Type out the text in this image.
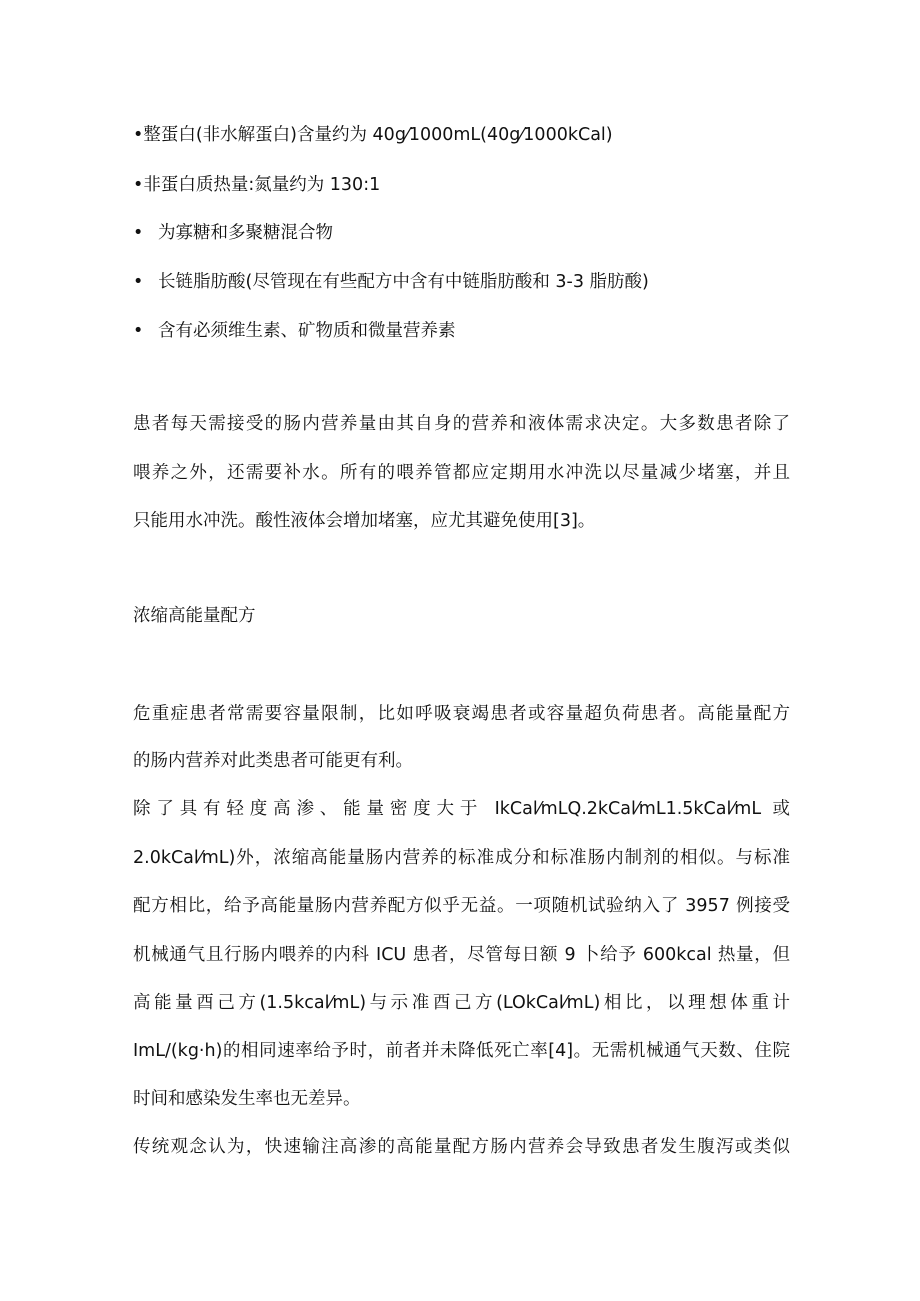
•整蛋白(非水解蛋白)含量约为 40g⁄1000mL(40g⁄1000kCal)
•非蛋白质热量:氮量约为 130:1
• 为寡糖和多聚糖混合物
• 长链脂肪酸(尽管现在有些配方中含有中链脂肪酸和 3-3 脂肪酸)
• 含有必须维生素、矿物质和微量营养素
患者每天需接受的肠内营养量由其自身的营养和液体需求决定。大多数患者除了
喂养之外，还需要补水。所有的喂养管都应定期用水冲洗以尽量减少堵塞，并且
只能用水冲洗。酸性液体会增加堵塞，应尤其避免使用[3]。
浓缩高能量配方
危重症患者常需要容量限制，比如呼吸衰竭患者或容量超负荷患者。高能量配方
的肠内营养对此类患者可能更有利。
除了具有轻度高渗、能量密度大于 IkCal⁄mLQ.2kCal⁄mL1.5kCal⁄mL 或
2.0kCal⁄mL)外，浓缩高能量肠内营养的标准成分和标准肠内制剂的相似。与标准
配方相比，给予高能量肠内营养配方似乎无益。一项随机试验纳入了 3957 例接受
机械通气且行肠内喂养的内科 ICU 患者，尽管每日额 9 卜给予 600kcal 热量，但
高能量酉己方(1.5kcal⁄mL)与示准酉己方(LOkCal⁄mL)相比，以理想体重计
ImL/(kg·h)的相同速率给予时，前者并未降低死亡率[4]。无需机械通气天数、住院
时间和感染发生率也无差异。
传统观念认为，快速输注高渗的高能量配方肠内营养会导致患者发生腹泻或类似
